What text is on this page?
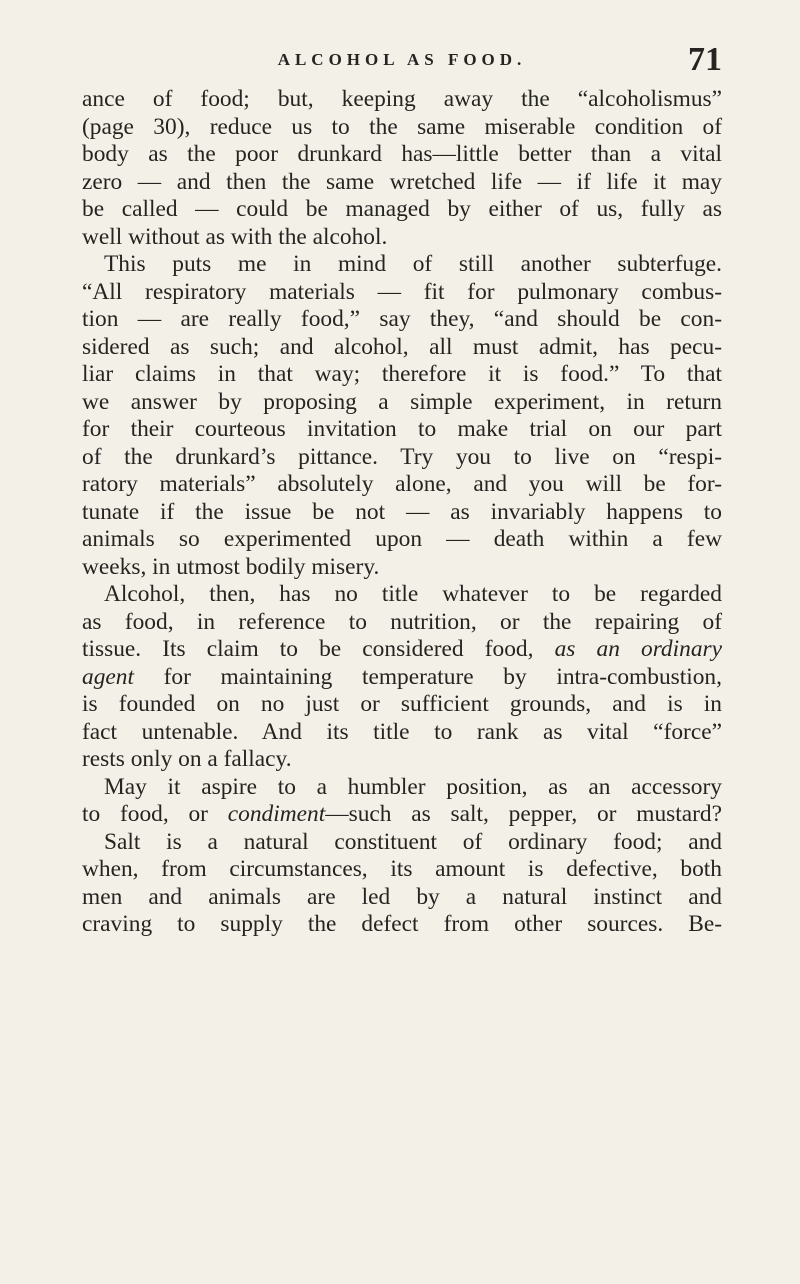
ALCOHOL AS FOOD.	71
ance of food; but, keeping away the “alcoholismus”
(page 30), reduce us to the same miserable condition of
body as the poor drunkard has—little better than a vital
zero — and then the same wretched life — if life it may
be called — could be managed by either of us, fully as
well without as with the alcohol.
This puts me in mind of still another subterfuge.
“All respiratory materials — fit for pulmonary combus-
tion — are really food,” say they, “and should be con-
sidered as such; and alcohol, all must admit, has pecu-
liar claims in that way; therefore it is food.” To that
we answer by proposing a simple experiment, in return
for their courteous invitation to make trial on our part
of the drunkard’s pittance. Try you to live on “respi-
ratory materials” absolutely alone, and you will be for-
tunate if the issue be not — as invariably happens to
animals so experimented upon — death within a few
weeks, in utmost bodily misery.
Alcohol, then, has no title whatever to be regarded
as food, in reference to nutrition, or the repairing of
tissue. Its claim to be considered food, as an ordinary
agent for maintaining temperature by intra-combustion,
is founded on no just or sufficient grounds, and is in
fact untenable. And its title to rank as vital “force”
rests only on a fallacy.
May it aspire to a humbler position, as an accessory
to food, or condiment—such as salt, pepper, or mustard?
Salt is a natural constituent of ordinary food; and
when, from circumstances, its amount is defective, both
men and animals are led by a natural instinct and
craving to supply the defect from other sources. Be-
